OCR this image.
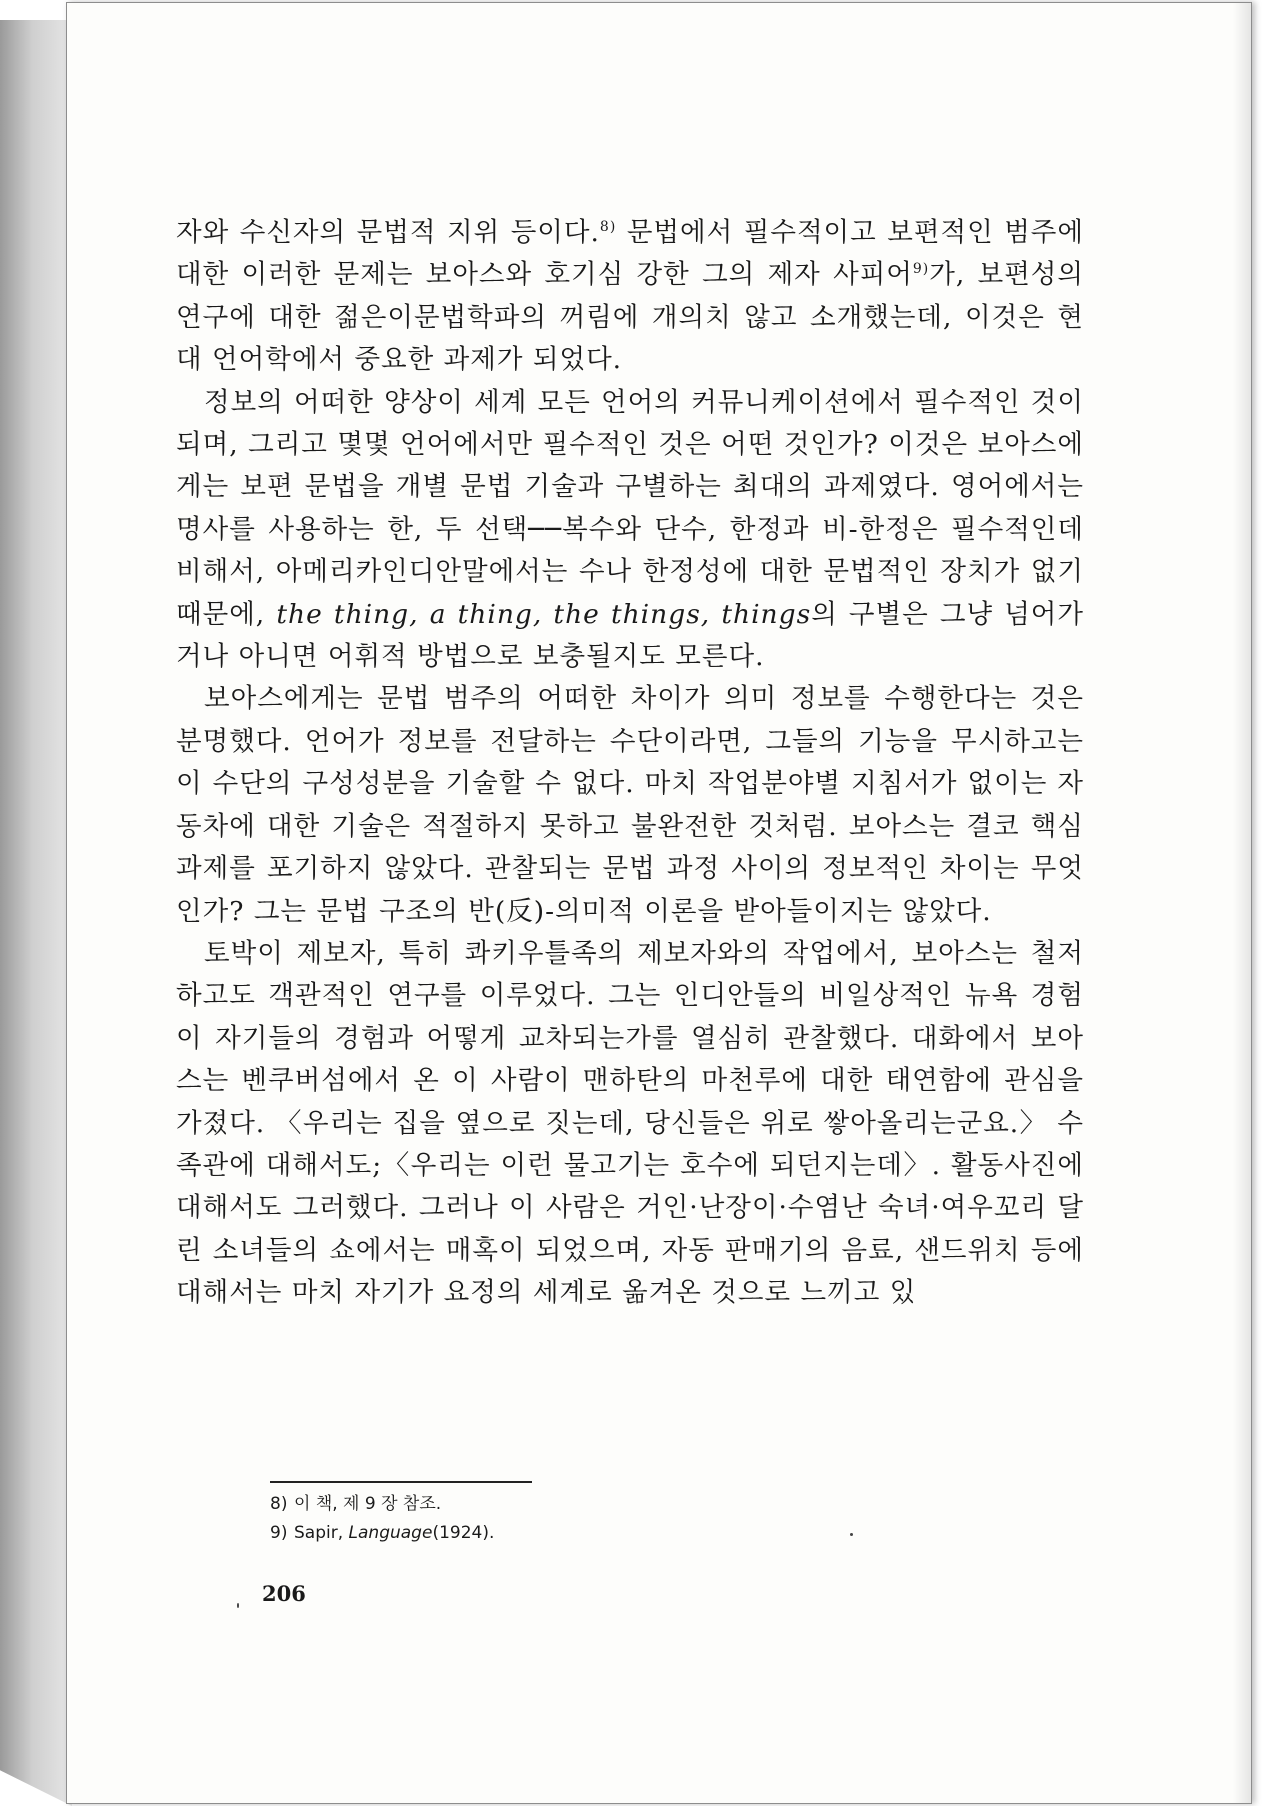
자와 수신자의 문법적 지위 등이다.$^{8)}$ 문법에서 필수적이고 보편적인 범주에 대한 이러한 문제는 보아스와 호기심 강한 그의 제자 사피어$^{9)}$가, 보편성의 연구에 대한 젊은이문법학파의 꺼림에 개의치 않고 소개했는데, 이것은 현대 언어학에서 중요한 과제가 되었다.

정보의 어떠한 양상이 세계 모든 언어의 커뮤니케이션에서 필수적인 것이 되며, 그리고 몇몇 언어에서만 필수적인 것은 어떤 것인가? 이것은 보아스에게는 보편 문법을 개별 문법 기술과 구별하는 최대의 과제였다. 영어에서는 명사를 사용하는 한, 두 선택──복수와 단수, 한정과 비-한정은 필수적인데 비해서, 아메리카인디안말에서는 수나 한정성에 대한 문법적인 장치가 없기 때문에, the thing, a thing, the things, things의 구별은 그냥 넘어가거나 아니면 어휘적 방법으로 보충될지도 모른다.

보아스에게는 문법 범주의 어떠한 차이가 의미 정보를 수행한다는 것은 분명했다. 언어가 정보를 전달하는 수단이라면, 그들의 기능을 무시하고는 이 수단의 구성성분을 기술할 수 없다. 마치 작업분야별 지침서가 없이는 자동차에 대한 기술은 적절하지 못하고 불완전한 것처럼. 보아스는 결코 핵심 과제를 포기하지 않았다. 관찰되는 문법 과정 사이의 정보적인 차이는 무엇인가? 그는 문법 구조의 반(反)-의미적 이론을 받아들이지는 않았다.

토박이 제보자, 특히 콰키우틀족의 제보자와의 작업에서, 보아스는 철저하고도 객관적인 연구를 이루었다. 그는 인디안들의 비일상적인 뉴욕 경험이 자기들의 경험과 어떻게 교차되는가를 열심히 관찰했다. 대화에서 보아스는 벤쿠버섬에서 온 이 사람이 맨하탄의 마천루에 대한 태연함에 관심을 가졌다. 〈우리는 집을 옆으로 짓는데, 당신들은 위로 쌓아올리는군요.〉 수족관에 대해서도;〈우리는 이런 물고기는 호수에 되던지는데〉. 활동사진에 대해서도 그러했다. 그러나 이 사람은 거인·난장이·수염난 숙녀·여우꼬리 달린 소녀들의 쇼에서는 매혹이 되었으며, 자동 판매기의 음료, 샌드위치 등에 대해서는 마치 자기가 요정의 세계로 옮겨온 것으로 느끼고 있

8) 이 책, 제 9 장 참조.
9) Sapir, Language(1924).
206
